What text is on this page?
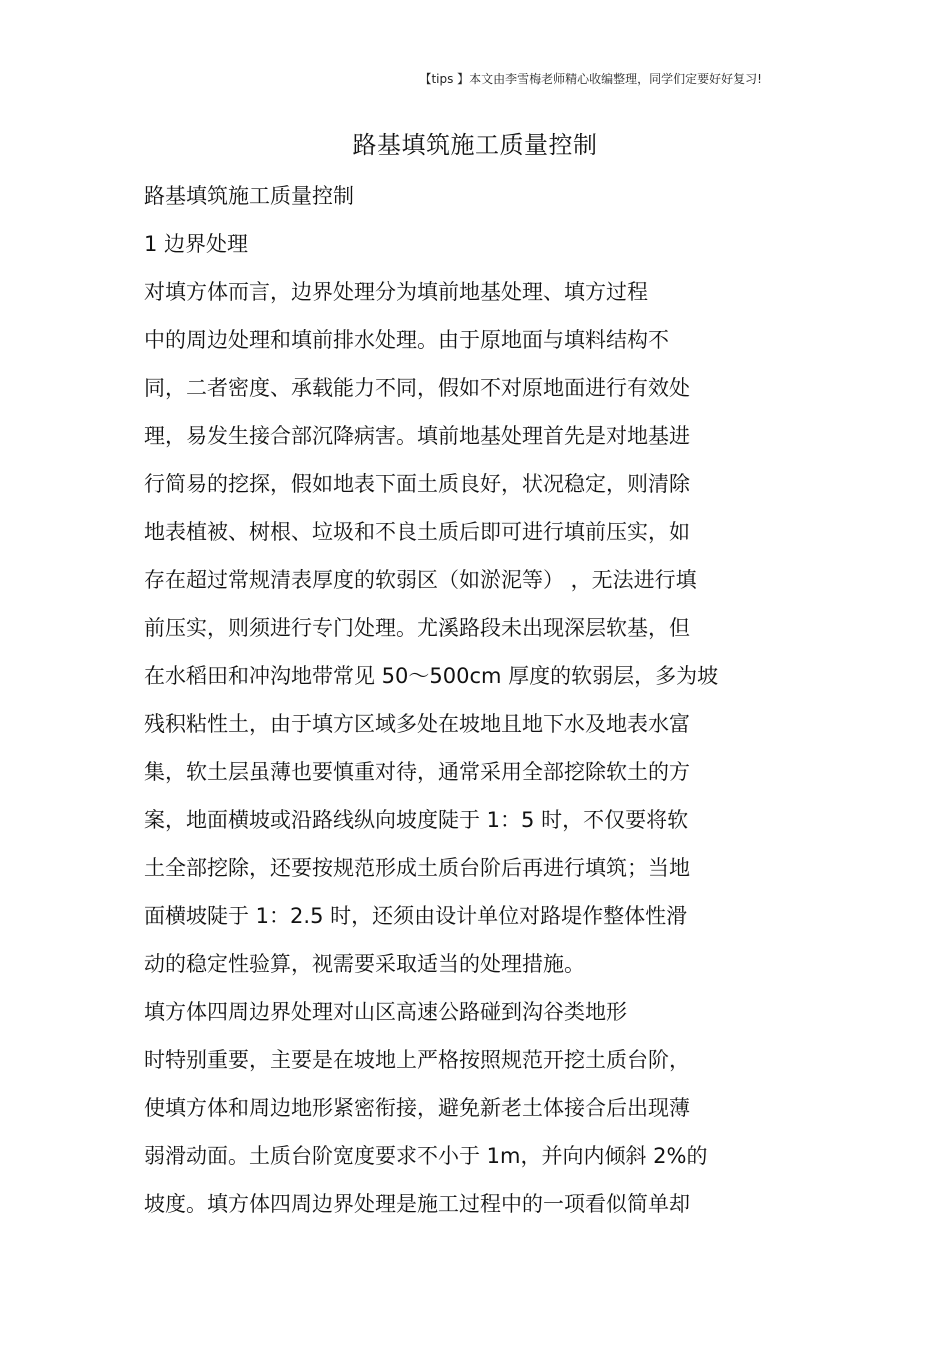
【tips 】本文由李雪梅老师精心收编整理，同学们定要好好复习!
路基填筑施工质量控制
路基填筑施工质量控制
1 边界处理
对填方体而言，边界处理分为填前地基处理、填方过程
中的周边处理和填前排水处理。由于原地面与填料结构不
同，二者密度、承载能力不同，假如不对原地面进行有效处
理，易发生接合部沉降病害。填前地基处理首先是对地基进
行简易的挖探，假如地表下面土质良好，状况稳定，则清除
地表植被、树根、垃圾和不良土质后即可进行填前压实，如
存在超过常规清表厚度的软弱区（如淤泥等） ，无法进行填
前压实，则须进行专门处理。尤溪路段未出现深层软基，但
在水稻田和冲沟地带常见 50～500cm 厚度的软弱层，多为坡
残积粘性土，由于填方区域多处在坡地且地下水及地表水富
集，软土层虽薄也要慎重对待，通常采用全部挖除软土的方
案，地面横坡或沿路线纵向坡度陡于 1：5 时，不仅要将软
土全部挖除，还要按规范形成土质台阶后再进行填筑；当地
面横坡陡于 1：2.5 时，还须由设计单位对路堤作整体性滑
动的稳定性验算，视需要采取适当的处理措施。
填方体四周边界处理对山区高速公路碰到沟谷类地形
时特别重要，主要是在坡地上严格按照规范开挖土质台阶，
使填方体和周边地形紧密衔接，避免新老土体接合后出现薄
弱滑动面。土质台阶宽度要求不小于 1m，并向内倾斜 2%的
坡度。填方体四周边界处理是施工过程中的一项看似简单却
